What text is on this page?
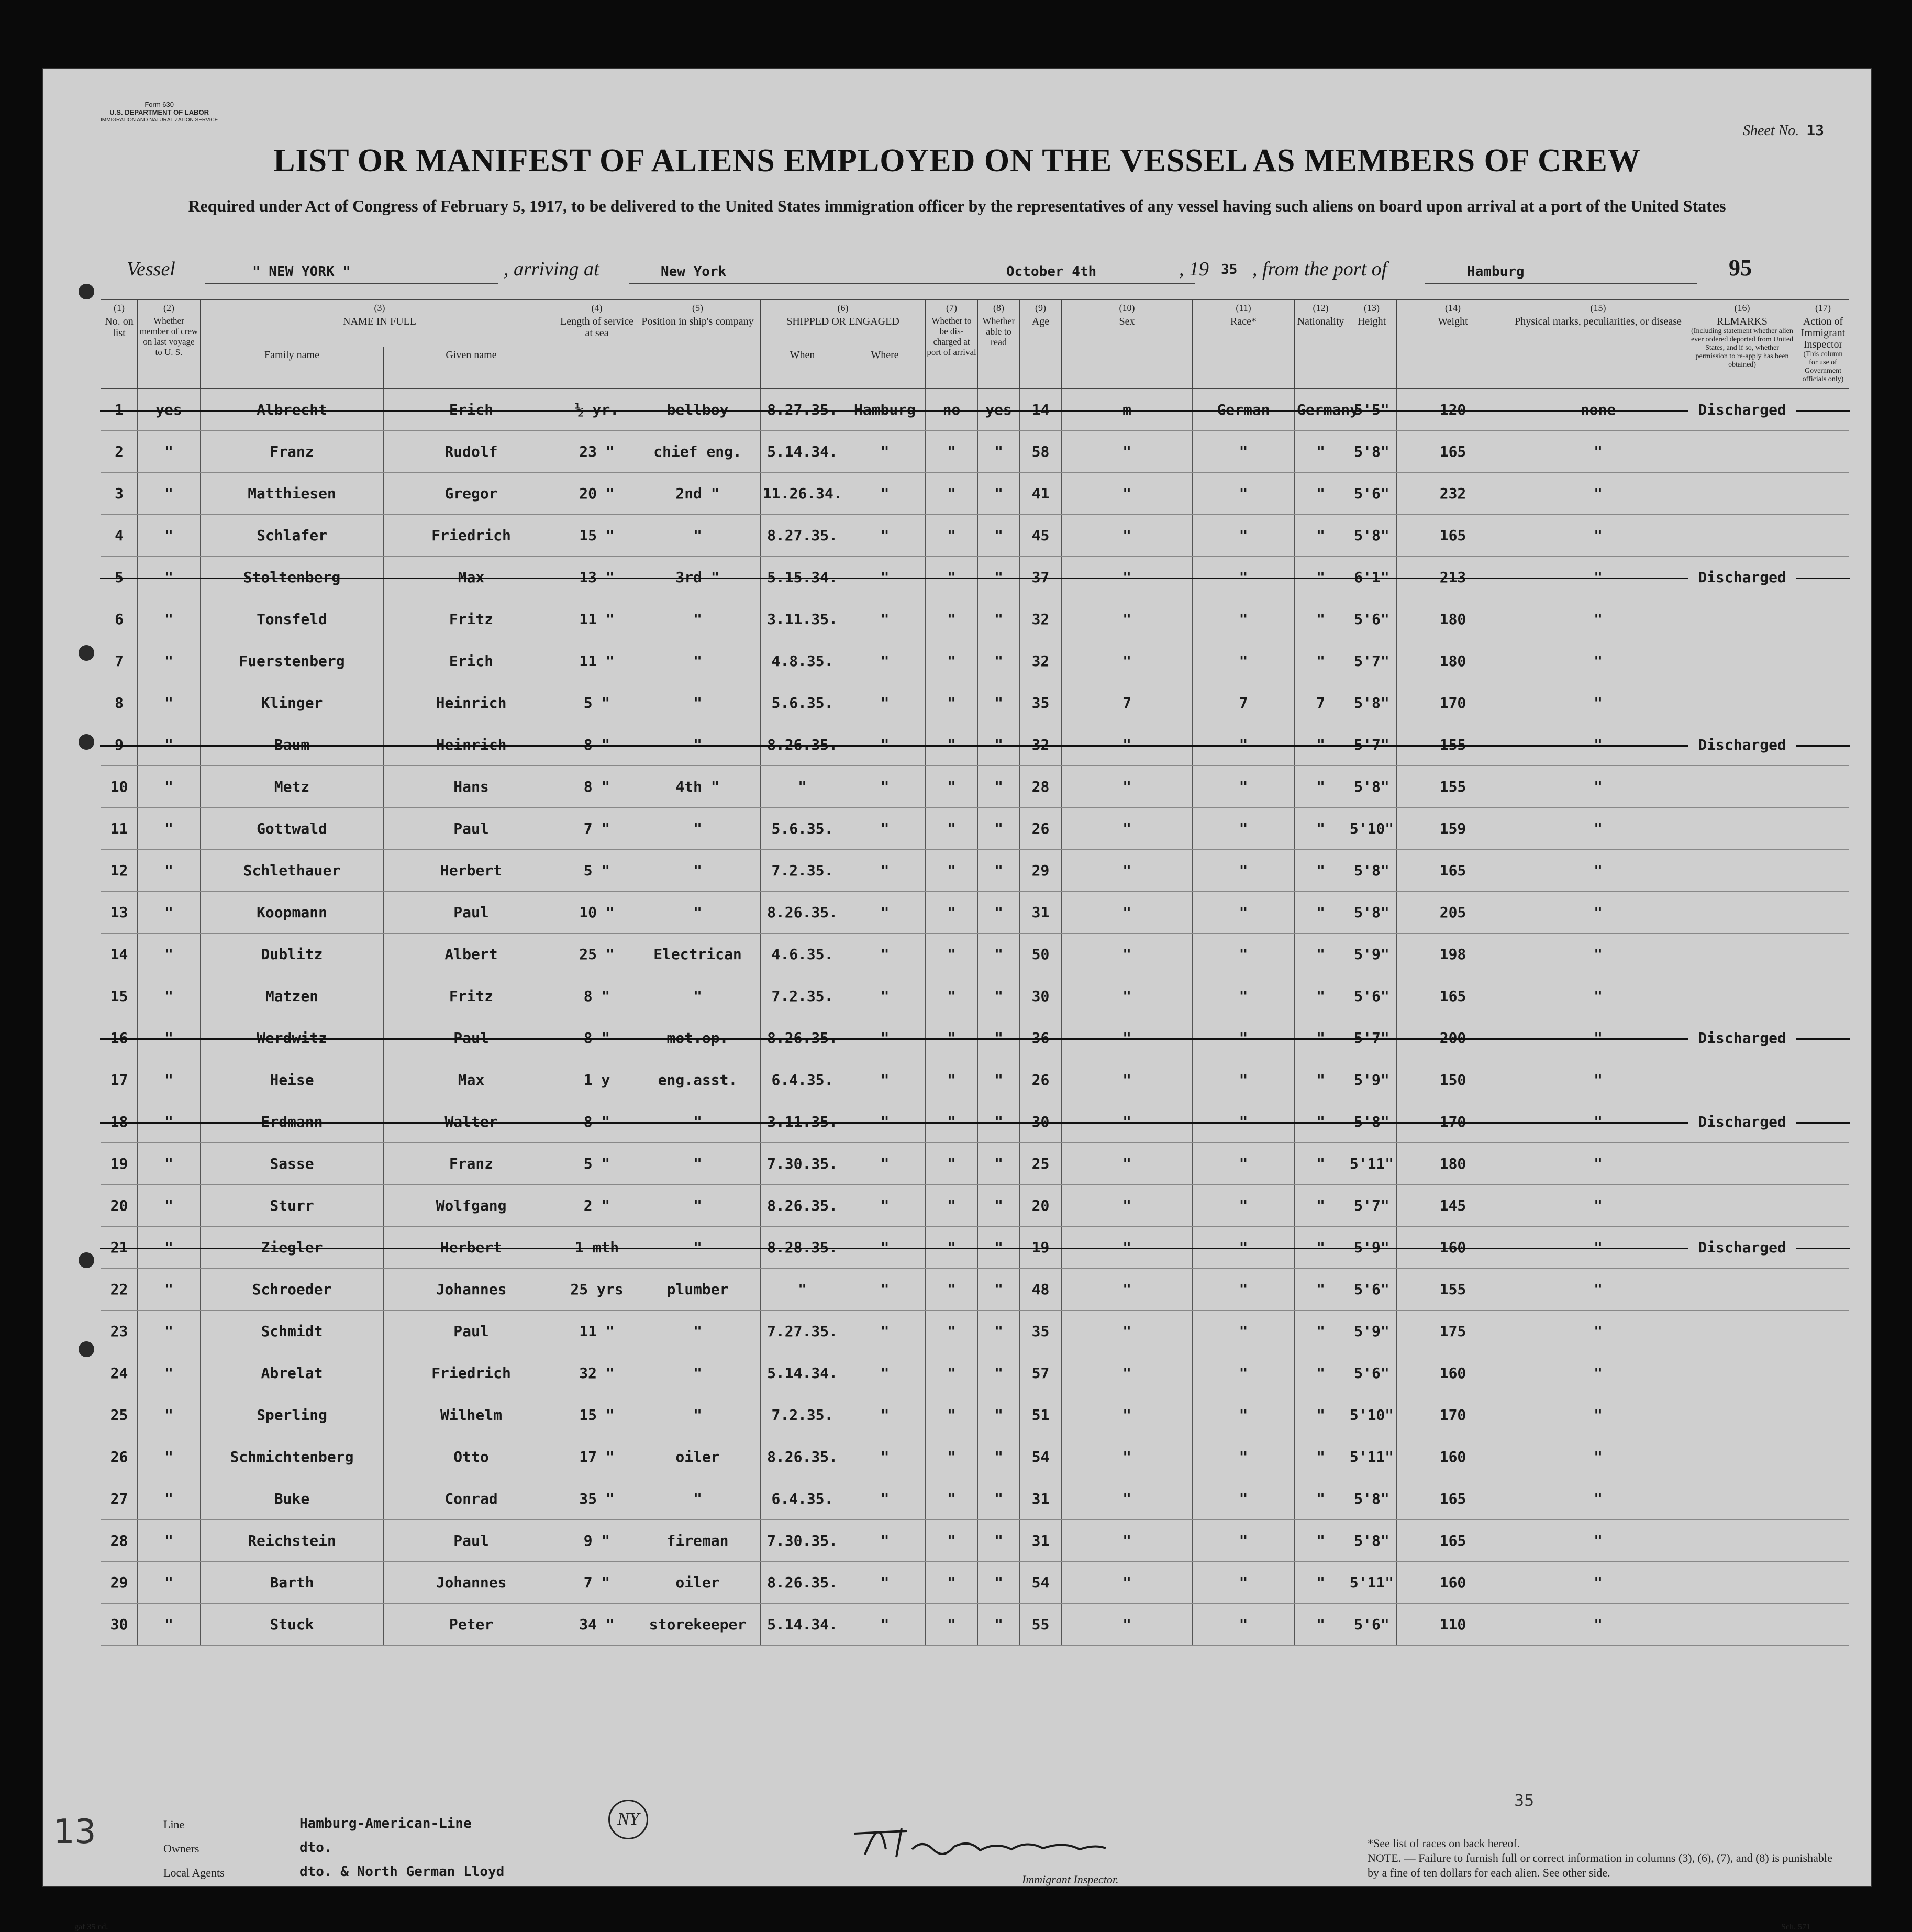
Form 630
U.S. DEPARTMENT OF LABOR
IMMIGRATION AND NATURALIZATION SERVICE
Sheet No. 13
LIST OR MANIFEST OF ALIENS EMPLOYED ON THE VESSEL AS MEMBERS OF CREW
Required under Act of Congress of February 5, 1917, to be delivered to the United States immigration officer by the representatives of any vessel having such aliens on board upon arrival at a port of the United States
Vessel	" NEW YORK "	, arriving at	New York	October 4th	, 19 35 , from the port of	Hamburg	95
(1)
No. on list	(2)
Whether member of crew on last voyage to U. S.	(3)
NAME IN FULL		(4)
Length of service at sea	(5)
Position in ship's company	(6)
SHIPPED OR ENGAGED		(7)
Whether to be dis-charged at port of arrival	(8)
Whether able to read	(9)
Age	(10)
Sex	(11)
Race*	(12)
Nationality	(13)
Height	(14)
Weight	(15)
Physical marks, peculiarities, or disease	(16)
REMARKS
(Including statement whether alien ever ordered deported from United States, and if so, whether permission to re-apply has been obtained)	(17)
Action of Immigrant Inspector
(This column for use of Government officials only)

		Family name	Given name			When	Where											
1	yes	Albrecht	Erich	½ yr.	bellboy	8.27.35.	Hamburg	no	yes	14	m	German	Germany	5'5"	120	none	Discharged	
2	"	Franz	Rudolf	23 "	chief eng.	5.14.34.	"	"	"	58	"	"	"	5'8"	165	"		
3	"	Matthiesen	Gregor	20 "	2nd "	11.26.34.	"	"	"	41	"	"	"	5'6"	232	"		
4	"	Schlafer	Friedrich	15 "	"	8.27.35.	"	"	"	45	"	"	"	5'8"	165	"		
5	"	Stoltenberg	Max	13 "	3rd "	5.15.34.	"	"	"	37	"	"	"	6'1"	213	"	Discharged	
6	"	Tonsfeld	Fritz	11 "	"	3.11.35.	"	"	"	32	"	"	"	5'6"	180	"		
7	"	Fuerstenberg	Erich	11 "	"	4.8.35.	"	"	"	32	"	"	"	5'7"	180	"		
8	"	Klinger	Heinrich	5 "	"	5.6.35.	"	"	"	35	7	7	7	5'8"	170	"		
9	"	Baum	Heinrich	8 "	"	8.26.35.	"	"	"	32	"	"	"	5'7"	155	"	Discharged	
10	"	Metz	Hans	8 "	4th "	"	"	"	"	28	"	"	"	5'8"	155	"		
11	"	Gottwald	Paul	7 "	"	5.6.35.	"	"	"	26	"	"	"	5'10"	159	"		
12	"	Schlethauer	Herbert	5 "	"	7.2.35.	"	"	"	29	"	"	"	5'8"	165	"		
13	"	Koopmann	Paul	10 "	"	8.26.35.	"	"	"	31	"	"	"	5'8"	205	"		
14	"	Dublitz	Albert	25 "	Electrican	4.6.35.	"	"	"	50	"	"	"	5'9"	198	"		
15	"	Matzen	Fritz	8 "	"	7.2.35.	"	"	"	30	"	"	"	5'6"	165	"		
16	"	Werdwitz	Paul	8 "	mot.op.	8.26.35.	"	"	"	36	"	"	"	5'7"	200	"	Discharged	
17	"	Heise	Max	1 y	eng.asst.	6.4.35.	"	"	"	26	"	"	"	5'9"	150	"		
18	"	Erdmann	Walter	8 "	"	3.11.35.	"	"	"	30	"	"	"	5'8"	170	"	Discharged	
19	"	Sasse	Franz	5 "	"	7.30.35.	"	"	"	25	"	"	"	5'11"	180	"		
20	"	Sturr	Wolfgang	2 "	"	8.26.35.	"	"	"	20	"	"	"	5'7"	145	"		
21	"	Ziegler	Herbert	1 mth	"	8.28.35.	"	"	"	19	"	"	"	5'9"	160	"	Discharged	
22	"	Schroeder	Johannes	25 yrs	plumber	"	"	"	"	48	"	"	"	5'6"	155	"		
23	"	Schmidt	Paul	11 "	"	7.27.35.	"	"	"	35	"	"	"	5'9"	175	"		
24	"	Abrelat	Friedrich	32 "	"	5.14.34.	"	"	"	57	"	"	"	5'6"	160	"		
25	"	Sperling	Wilhelm	15 "	"	7.2.35.	"	"	"	51	"	"	"	5'10"	170	"		
26	"	Schmichtenberg	Otto	17 "	oiler	8.26.35.	"	"	"	54	"	"	"	5'11"	160	"		
27	"	Buke	Conrad	35 "	"	6.4.35.	"	"	"	31	"	"	"	5'8"	165	"		
28	"	Reichstein	Paul	9 "	fireman	7.30.35.	"	"	"	31	"	"	"	5'8"	165	"		
29	"	Barth	Johannes	7 "	oiler	8.26.35.	"	"	"	54	"	"	"	5'11"	160	"		
30	"	Stuck	Peter	34 "	storekeeper	5.14.34.	"	"	"	55	"	"	"	5'6"	110	"		
Line	Hamburg-American-Line
Owners	dto.
Local Agents	dto. & North German Lloyd	Immigrant Inspector.
*See list of races on back hereof.
NOTE. — Failure to furnish full or correct information in columns (3), (6), (7), and (8) is punishable by a fine of ten dollars for each alien. See other side.
35
NY
13
gaf 35 nd.	Sch. 571
